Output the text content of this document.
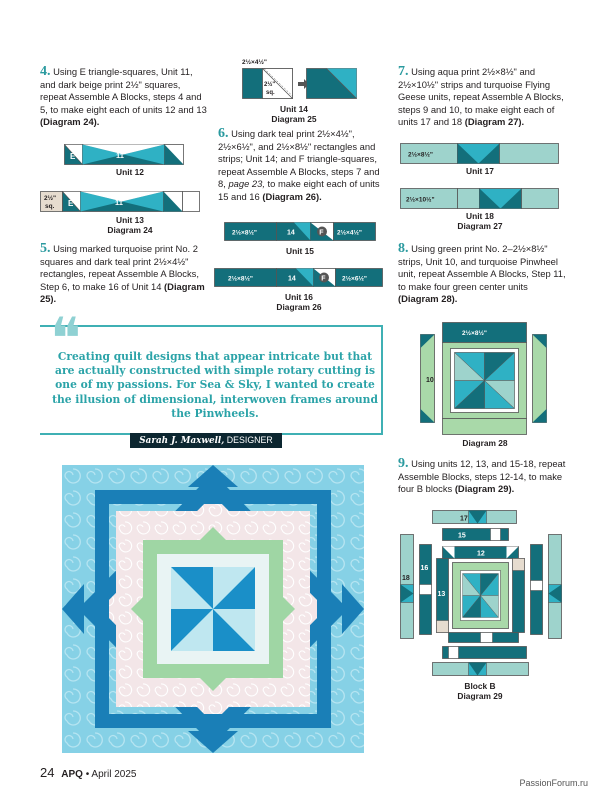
4. Using E triangle-squares, Unit 11, and dark beige print 2½" squares, repeat Assemble A Blocks, steps 4 and 5, to make eight each of units 12 and 13 (Diagram 24).
E	11
Unit 12
2½"
sq. E	11
Unit 13
Diagram 24
5. Using marked turquoise print No. 2 squares and dark teal print 2½×4½" rectangles, repeat Assemble A Blocks, Step 6, to make 16 of Unit 14 (Diagram 25).
2½×4½"
2½"
sq.
Unit 14
Diagram 25
6. Using dark teal print 2½×4½", 2½×6½", and 2½×8½" rectangles and strips; Unit 14; and F triangle-squares, repeat Assemble A Blocks, steps 7 and 8, page 23, to make eight each of units 15 and 16 (Diagram 26).
2½×8½"	14	F 2½×4½"
Unit 15
2½×8½"	14	F	2½×6½"
Unit 16
Diagram 26
❝
Creating quilt designs that appear intricate but that are actually constructed with simple rotary cutting is one of my passions. For Sea & Sky, I wanted to create the illusion of dimensional, interwoven frames around the Pinwheels.
Sarah J. Maxwell, DESIGNER
7. Using aqua print 2½×8½" and 2½×10½" strips and turquoise Flying Geese units, repeat Assemble A Blocks, steps 9 and 10, to make eight each of units 17 and 18 (Diagram 27).
2½×8½"
Unit 17
2½×10½"
Unit 18
Diagram 27
8. Using green print No. 2–2½×8½" strips, Unit 10, and turquoise Pinwheel unit, repeat Assemble A Blocks, Step 11, to make four green center units (Diagram 28).
2½×8½"
10
Diagram 28
9. Using units 12, 13, and 15-18, repeat Assemble Blocks, steps 12-14, to make four B blocks (Diagram 29).
17
15
18
16
12
13
Block B
Diagram 29
24 APQ • April 2025
PassionForum.ru
